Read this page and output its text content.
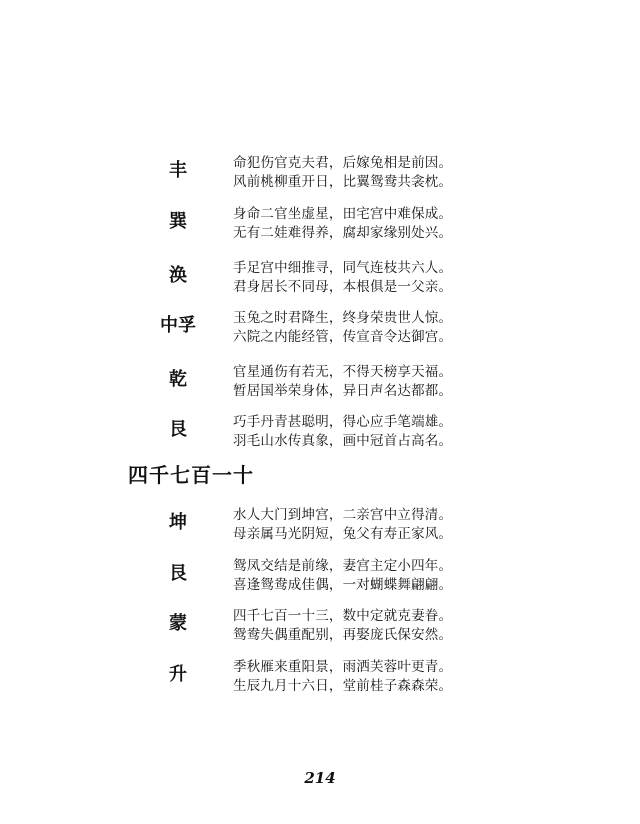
丰	命犯伤官克夫君，后嫁兔相是前因。
风前桃柳重开日，比翼鸳鸯共衾枕。
巽	身命二官坐虚星，田宅宫中难保成。
无有二娃难得养，腐却家缘别处兴。
涣	手足宫中细推寻，同气连枝共六人。
君身居长不同母，本根俱是一父亲。
中孚	玉兔之时君降生，终身荣贵世人惊。
六院之内能经管，传宣音令达御宫。
乾	官星通伤有若无，不得天榜享天福。
暂居国举荣身体，异日声名达都都。
艮	巧手丹青甚聪明，得心应手笔端雄。
羽毛山水传真象，画中冠首占高名。
四千七百一十
坤	水人大门到坤宫，二亲宫中立得清。
母亲属马光阴短，兔父有寿正家风。
艮	鸳凤交结是前缘，妻宫主定小四年。
喜逢鸳鸯成佳偶，一对蝴蝶舞翩翩。
蒙	四千七百一十三，数中定就克妻眷。
鸳鸯失偶重配别，再娶庞氏保安然。
升	季秋雁来重阳景，雨洒芙蓉叶更青。
生辰九月十六日，堂前桂子森森荣。
214
